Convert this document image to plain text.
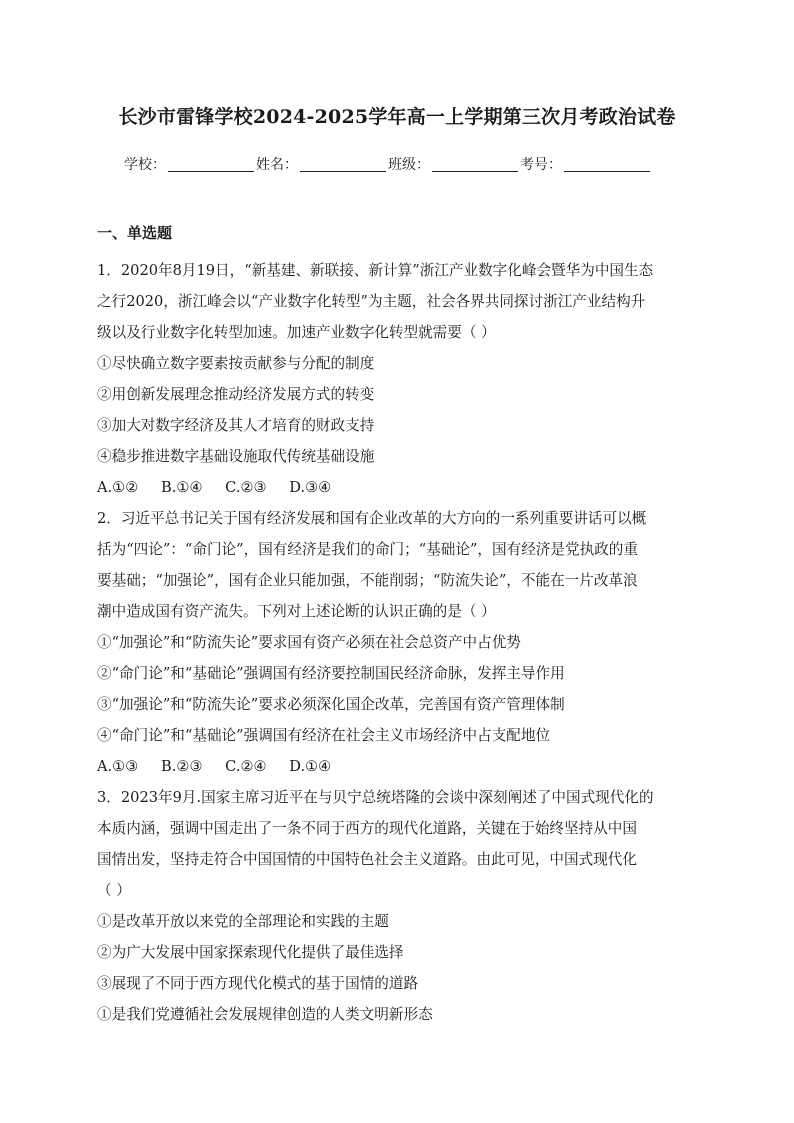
长沙市雷锋学校2024-2025学年高一上学期第三次月考政治试卷
学校：	姓名：	班级：	考号：
一、单选题
1．2020年8月19日，“新基建、新联接、新计算”浙江产业数字化峰会暨华为中国生态
之行2020，浙江峰会以“产业数字化转型”为主题，社会各界共同探讨浙江产业结构升
级以及行业数字化转型加速。加速产业数字化转型就需要（ ）
①尽快确立数字要素按贡献参与分配的制度
②用创新发展理念推动经济发展方式的转变
③加大对数字经济及其人才培育的财政支持
④稳步推进数字基础设施取代传统基础设施
A.①② B.①④ C.②③ D.③④
2．习近平总书记关于国有经济发展和国有企业改革的大方向的一系列重要讲话可以概
括为“四论”：“命门论”，国有经济是我们的命门；“基础论”，国有经济是党执政的重
要基础；“加强论”，国有企业只能加强，不能削弱；“防流失论”，不能在一片改革浪
潮中造成国有资产流失。下列对上述论断的认识正确的是（ ）
①“加强论”和“防流失论”要求国有资产必须在社会总资产中占优势
②“命门论”和“基础论”强调国有经济要控制国民经济命脉，发挥主导作用
③“加强论”和“防流失论”要求必须深化国企改革，完善国有资产管理体制
④“命门论”和“基础论”强调国有经济在社会主义市场经济中占支配地位
A.①③ B.②③ C.②④ D.①④
3．2023年9月.国家主席习近平在与贝宁总统塔隆的会谈中深刻阐述了中国式现代化的
本质内涵，强调中国走出了一条不同于西方的现代化道路，关键在于始终坚持从中国
国情出发，坚持走符合中国国情的中国特色社会主义道路。由此可见，中国式现代化
（ ）
①是改革开放以来党的全部理论和实践的主题
②为广大发展中国家探索现代化提供了最佳选择
③展现了不同于西方现代化模式的基于国情的道路
①是我们党遵循社会发展规律创造的人类文明新形态
